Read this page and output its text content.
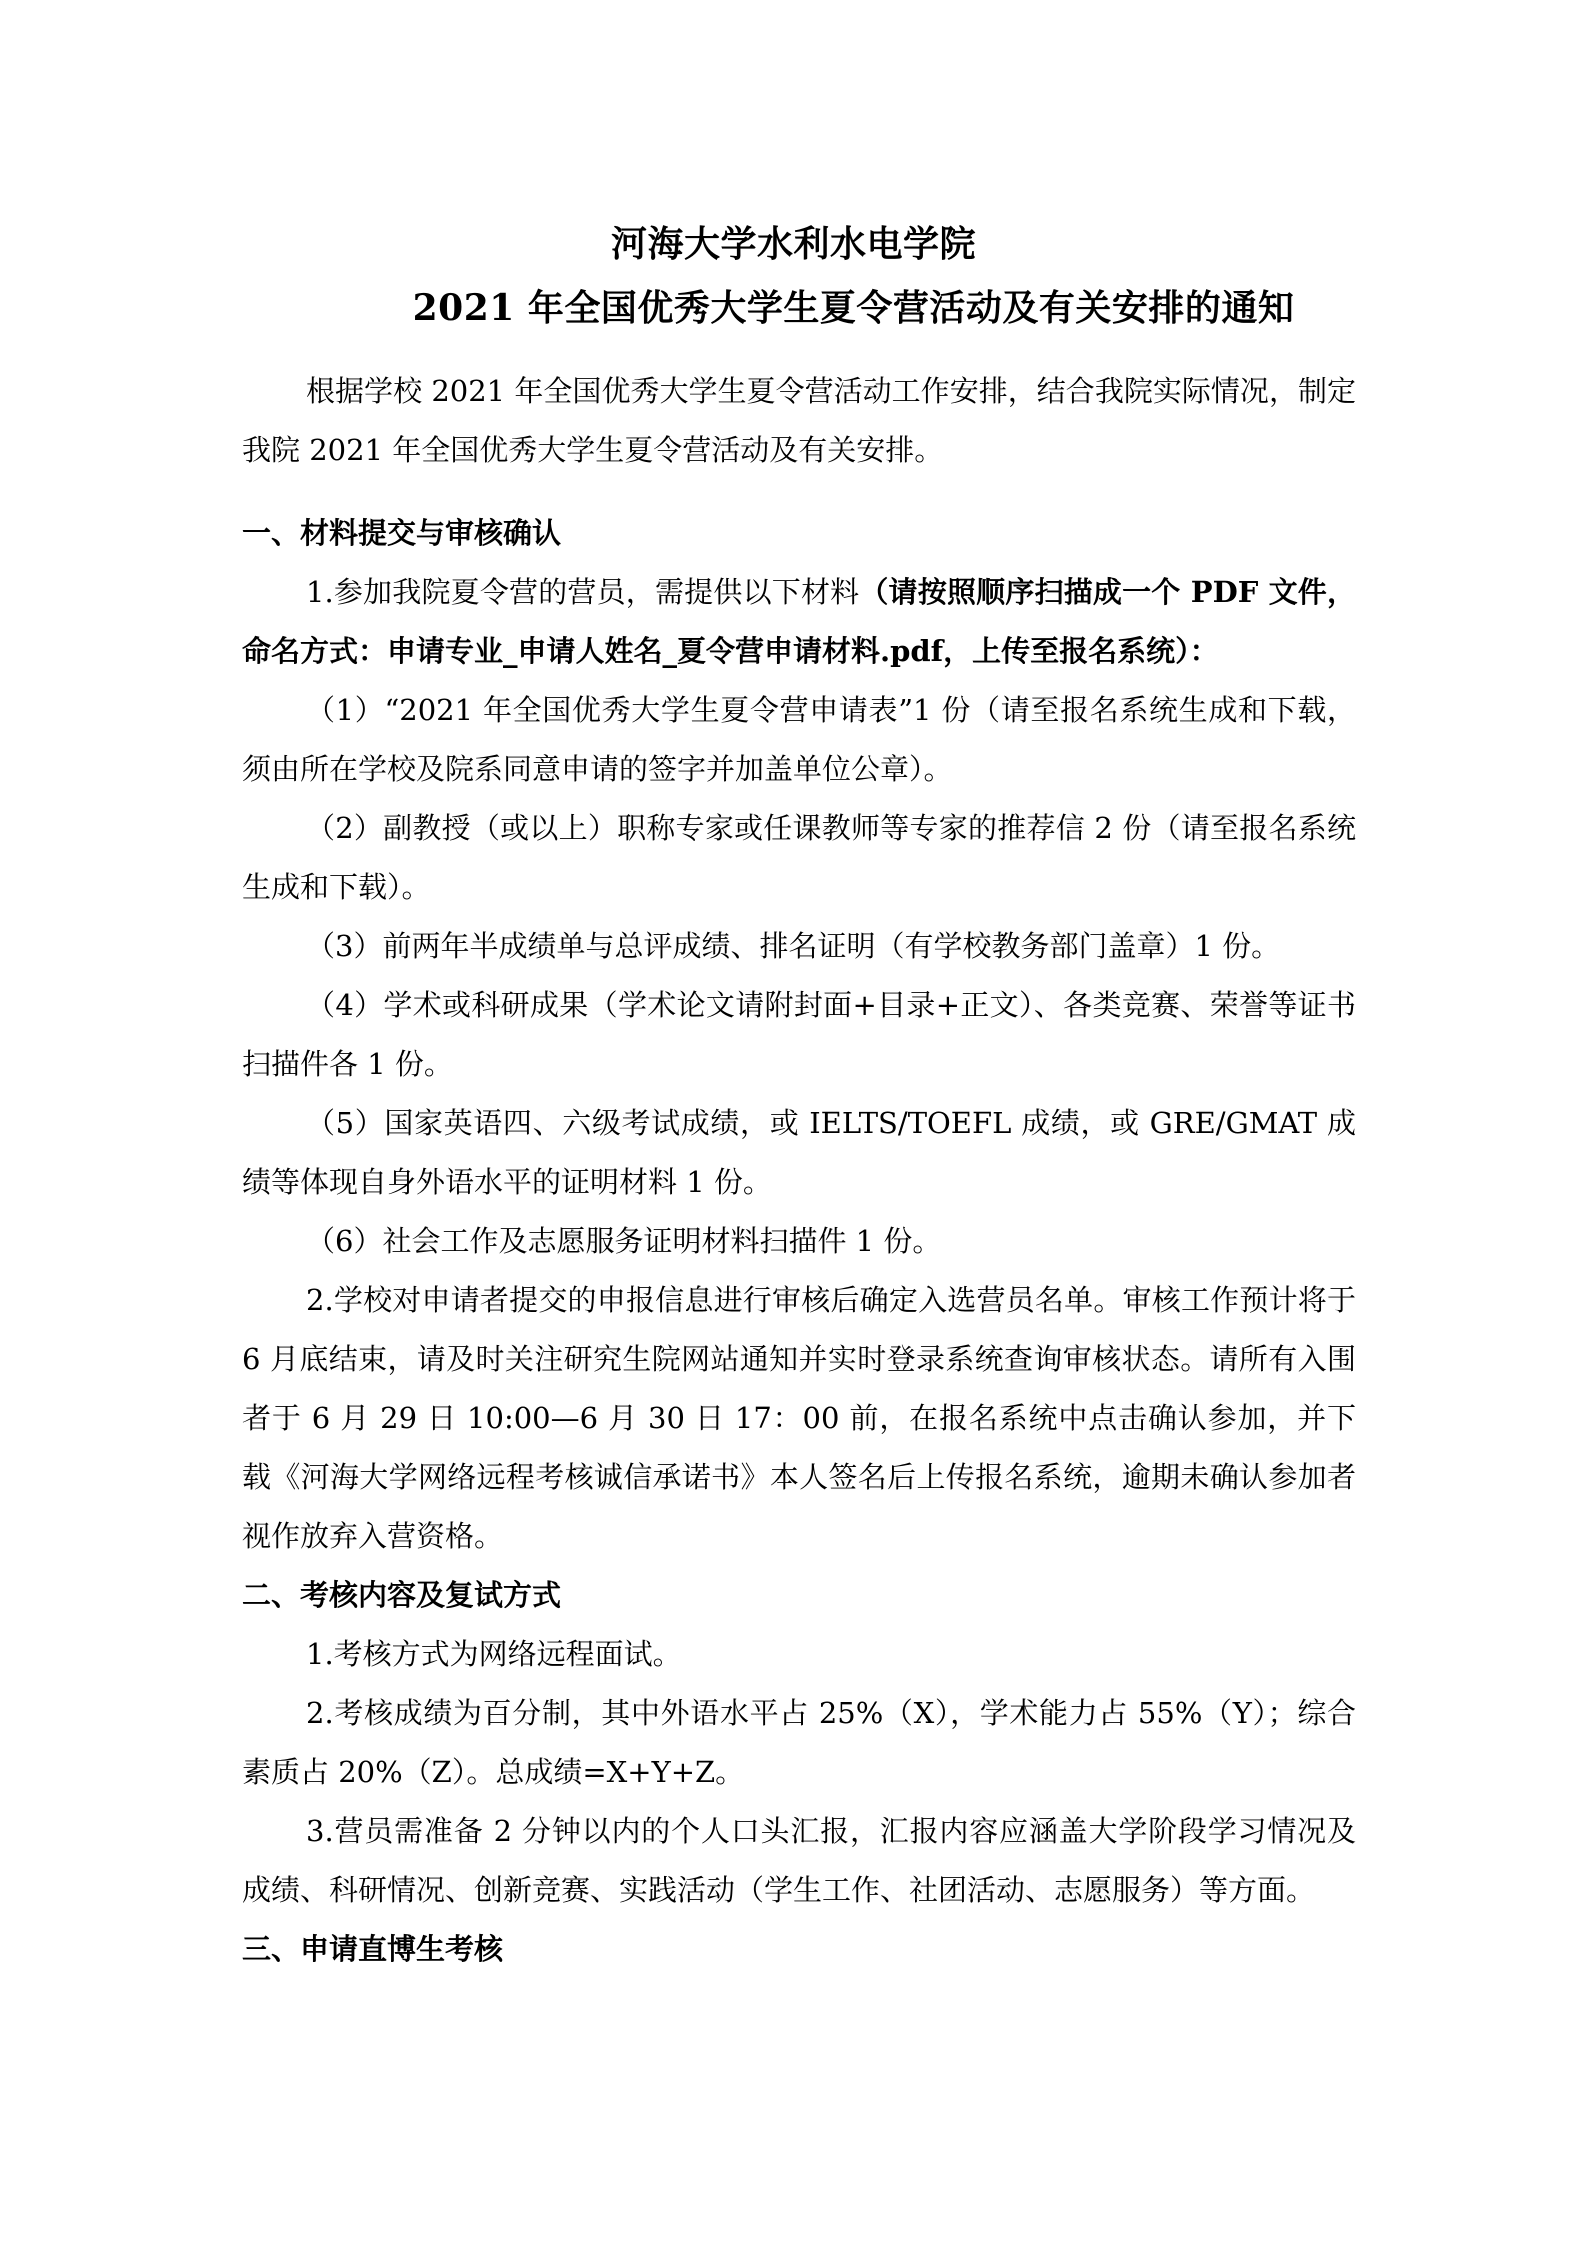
河海大学水利水电学院
2021 年全国优秀大学生夏令营活动及有关安排的通知

根据学校 2021 年全国优秀大学生夏令营活动工作安排，结合我院实际情况，制定我院 2021 年全国优秀大学生夏令营活动及有关安排。

一、材料提交与审核确认

1.参加我院夏令营的营员，需提供以下材料（请按照顺序扫描成一个 PDF 文件，命名方式：申请专业_申请人姓名_夏令营申请材料.pdf，上传至报名系统）：

（1）“2021 年全国优秀大学生夏令营申请表”1 份（请至报名系统生成和下载，须由所在学校及院系同意申请的签字并加盖单位公章）。

（2）副教授（或以上）职称专家或任课教师等专家的推荐信 2 份（请至报名系统生成和下载）。

（3）前两年半成绩单与总评成绩、排名证明（有学校教务部门盖章）1 份。

（4）学术或科研成果（学术论文请附封面+目录+正文）、各类竞赛、荣誉等证书扫描件各 1 份。

（5）国家英语四、六级考试成绩，或 IELTS/TOEFL 成绩，或 GRE/GMAT 成绩等体现自身外语水平的证明材料 1 份。

（6）社会工作及志愿服务证明材料扫描件 1 份。

2.学校对申请者提交的申报信息进行审核后确定入选营员名单。审核工作预计将于 6 月底结束，请及时关注研究生院网站通知并实时登录系统查询审核状态。请所有入围者于 6 月 29 日 10:00—6 月 30 日 17：00 前，在报名系统中点击确认参加，并下载《河海大学网络远程考核诚信承诺书》本人签名后上传报名系统，逾期未确认参加者视作放弃入营资格。

二、考核内容及复试方式

1.考核方式为网络远程面试。

2.考核成绩为百分制，其中外语水平占 25%（X），学术能力占 55%（Y）；综合素质占 20%（Z）。总成绩=X+Y+Z。

3.营员需准备 2 分钟以内的个人口头汇报，汇报内容应涵盖大学阶段学习情况及成绩、科研情况、创新竞赛、实践活动（学生工作、社团活动、志愿服务）等方面。

三、申请直博生考核
